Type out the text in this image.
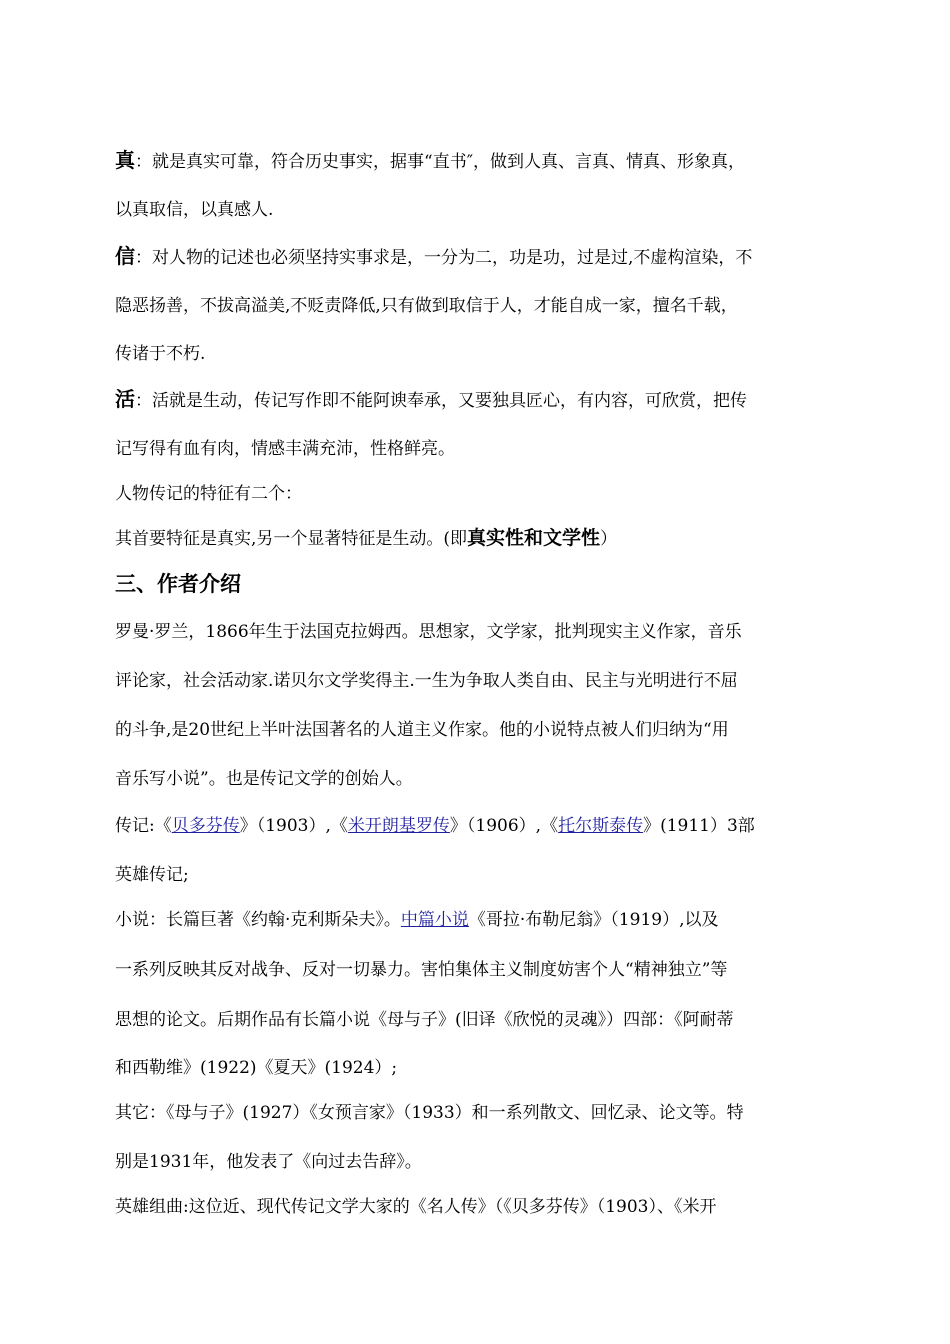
真：就是真实可靠，符合历史事实，据事“直书″，做到人真、言真、情真、形象真，
以真取信，以真感人.
信：对人物的记述也必须坚持实事求是，一分为二，功是功，过是过,不虚构渲染，不
隐恶扬善，不拔高溢美,不贬责降低,只有做到取信于人，才能自成一家，擅名千载，
传诸于不朽.
活：活就是生动，传记写作即不能阿谀奉承，又要独具匠心，有内容，可欣赏，把传
记写得有血有肉，情感丰满充沛，性格鲜亮。
人物传记的特征有二个：
其首要特征是真实,另一个显著特征是生动。(即真实性和文学性）
三、作者介绍
罗曼·罗兰，1866年生于法国克拉姆西。思想家，文学家，批判现实主义作家，音乐
评论家，社会活动家.诺贝尔文学奖得主.一生为争取人类自由、民主与光明进行不屈
的斗争,是20世纪上半叶法国著名的人道主义作家。他的小说特点被人们归纳为“用
音乐写小说”。也是传记文学的创始人。
传记:《贝多芬传》（1903）,《米开朗基罗传》（1906）,《托尔斯泰传》(1911）3部
英雄传记;
小说：长篇巨著《约翰·克利斯朵夫》。中篇小说《哥拉·布勒尼翁》（1919）,以及
一系列反映其反对战争、反对一切暴力。害怕集体主义制度妨害个人“精神独立”等
思想的论文。后期作品有长篇小说《母与子》(旧译《欣悦的灵魂》）四部：《阿耐蒂
和西勒维》(1922)《夏天》(1924）;
其它：《母与子》(1927）《女预言家》（1933）和一系列散文、回忆录、论文等。特
别是1931年，他发表了《向过去告辞》。
英雄组曲:这位近、现代传记文学大家的《名人传》（《贝多芬传》（1903）、《米开
